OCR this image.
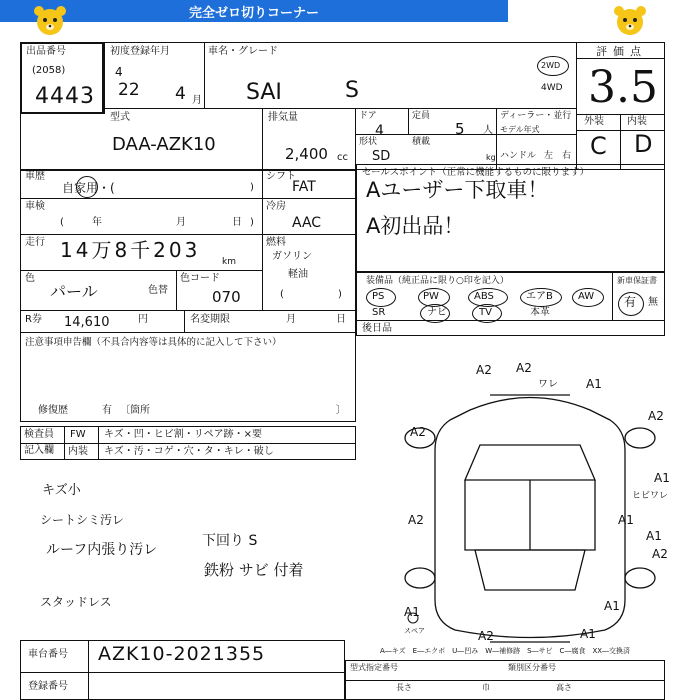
完全ゼロ切りコーナー
出品番号
(2058)
4443
初度登録年月
4
22 4 月
車名・グレード
SAI	S
2WD
4WD
評価点
3.5
外装 内装
C D
型式
DAA-AZK10
排気量
2,400 cc
ドア
4
定員
5 人
ディーラー・並行
モデル年式
形状
SD
積載
kg ハンドル 左 右
車歴
自家用・(	)
シフト
FAT
車検
年	月	日
(	)
冷房
AAC
走行 14万8千203 km
燃料
ガソリン
軽油
(	)
色
パール	色替
色コード
070
R券 14,610	円	名変期限	月	日
注意事項申告欄（不具合内容等は具体的に記入して下さい）
修復歴	有 〔箇所	〕
セールスポイント（正常に機能するものに限ります）
Aユーザー下取車！
A初出品！
装備品（純正品に限り○印を記入）	新車保証書
有 無
PS	PW	ABS	エアB	AW
SR	ナビ	TV	本革
後日品
検査員
記入欄
FW キズ・凹・ヒビ割・リペア跡・×要
内装 キズ・汚・コゲ・穴・タ・キレ・破し
キズ小
シートシミ汚レ
ルーフ内張り汚レ
下回り S
鉄粉 サビ 付着
スタッドレス
A2 A2
ワレ A1
A2
A2
A1
ヒビワレ
A2
A1
A2
A1
A1
A2
A1
A1
スペア
A―キズ　E―エクボ　U―凹み　W―補修跡　S―サビ　C―腐食　XX―交換済
車台番号 AZK10-2021355
登録番号
型式指定番号	類別区分番号
長さ	巾	高さ
